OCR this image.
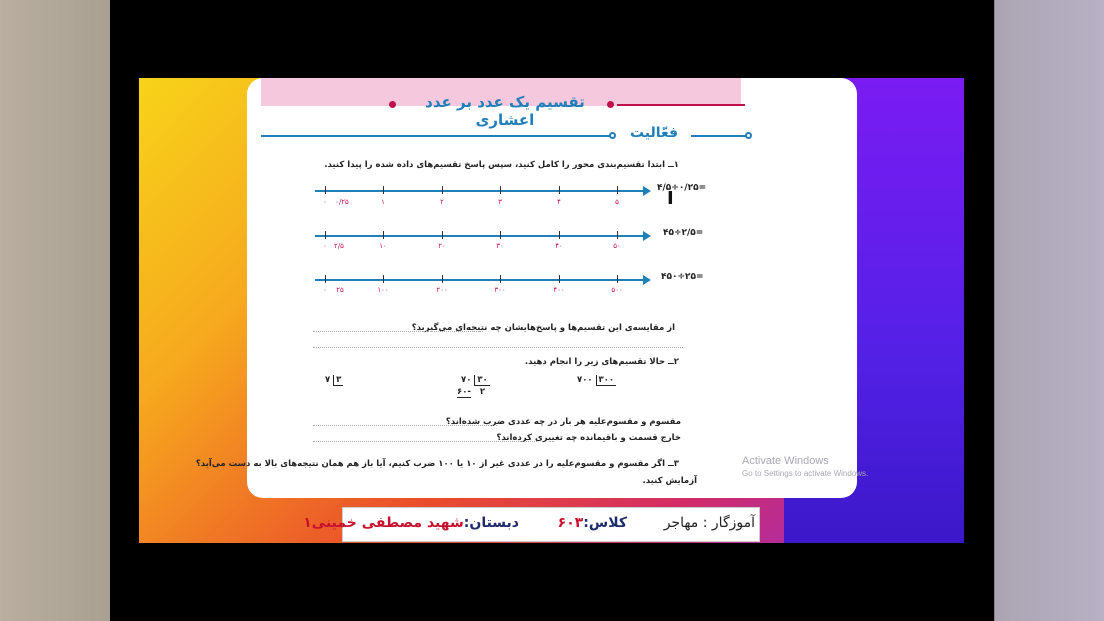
تقسیم یک عدد بر عدد اعشاری
فعّالیت
۱ــ ابتدا تقسیم‌بندی محور را کامل کنید، سپس پاسخ تقسیم‌های داده شده را پیدا کنید.
۴/۵÷۰/۲۵=
۰ ۰/۲۵	۱	۲	۳	۴	۵
۴۵÷۲/۵=
۰ ۲/۵	۱۰	۲۰	۳۰	۴۰	۵۰
۴۵۰÷۲۵=
۰ ۲۵	۱۰۰	۲۰۰	۳۰۰	۴۰۰	۵۰۰
I
از مقایسه‌ی این تقسیم‌ها و پاسخ‌هایشان چه نتیجه‌ای می‌گیرید؟
۲ــ حالا تقسیم‌های زیر را انجام دهید.
۷ ۳	۷۰ ۳۰
۶۰- ۲
۷۰۰ ۳۰۰
مقسوم و مقسوم‌علیه هر بار در چه عددی ضرب شده‌اند؟
خارج قسمت و باقیمانده چه تغییری کرده‌اند؟
۳ــ اگر مقسوم و مقسوم‌علیه را در عددی غیر از ۱۰ یا ۱۰۰ ضرب کنیم، آیا باز هم همان نتیجه‌های بالا به دست می‌آید؟
آزمایش کنید.
Activate Windows
Go to Settings to activate Windows.
آموزگار : مهاجر
کلاس:۶۰۳
دبستان:شهید مصطفی خمینی۱
